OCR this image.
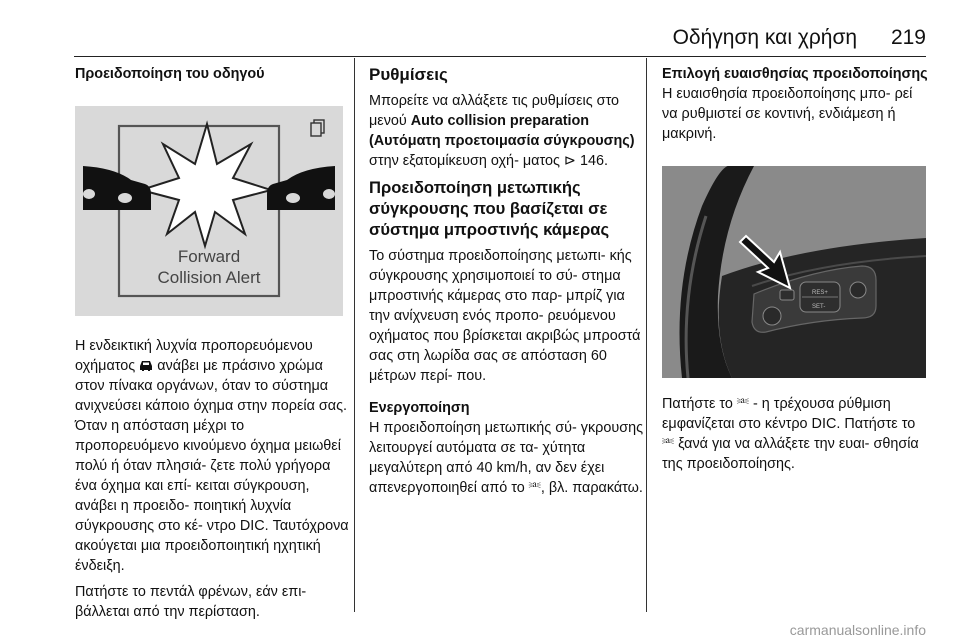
Οδήγηση και χρήση 219

Προειδοποίηση του οδηγού

Forward
Collision Alert

Η ενδεικτική λυχνία προπορευόμενου οχήματος ανάβει με πράσινο χρώμα στον πίνακα οργάνων, όταν το σύστημα ανιχνεύσει κάποιο όχημα στην πορεία σας. Όταν η απόσταση μέχρι το προπορευόμενο κινούμενο όχημα μειωθεί πολύ ή όταν πλησιά- ζετε πολύ γρήγορα ένα όχημα και επί- κειται σύγκρουση, ανάβει η προειδο- ποιητική λυχνία σύγκρουσης στο κέ- ντρο DIC. Ταυτόχρονα ακούγεται μια προειδοποιητική ηχητική ένδειξη.

Πατήστε το πεντάλ φρένων, εάν επι- βάλλεται από την περίσταση.

Ρυθμίσεις

Μπορείτε να αλλάξετε τις ρυθμίσεις στο μενού Auto collision preparation (Αυτόματη προετοιμασία σύγκρουσης) στην εξατομίκευση οχή- ματος ⊳ 146.

Προειδοποίηση μετωπικής σύγκρουσης που βασίζεται σε σύστημα μπροστινής κάμερας

Το σύστημα προειδοποίησης μετωπι- κής σύγκρουσης χρησιμοποιεί το σύ- στημα μπροστινής κάμερας στο παρ- μπρίζ για την ανίχνευση ενός προπο- ρευόμενου οχήματος που βρίσκεται ακριβώς μπροστά σας στη λωρίδα σας σε απόσταση 60 μέτρων περί- που.

Ενεργοποίηση

Η προειδοποίηση μετωπικής σύ- γκρουσης λειτουργεί αυτόματα σε τα- χύτητα μεγαλύτερη από 40 km/h, αν δεν έχει απενεργοποιηθεί από το ⎃, βλ. παρακάτω.

Επιλογή ευαισθησίας προειδοποίησης

Η ευαισθησία προειδοποίησης μπο- ρεί να ρυθμιστεί σε κοντινή, ενδιάμεση ή μακρινή.

RES+
SET-

Πατήστε το ⎃ - η τρέχουσα ρύθμιση εμφανίζεται στο κέντρο DIC. Πατήστε το ⎃ ξανά για να αλλάξετε την ευαι- σθησία της προειδοποίησης.

carmanualsonline.info
